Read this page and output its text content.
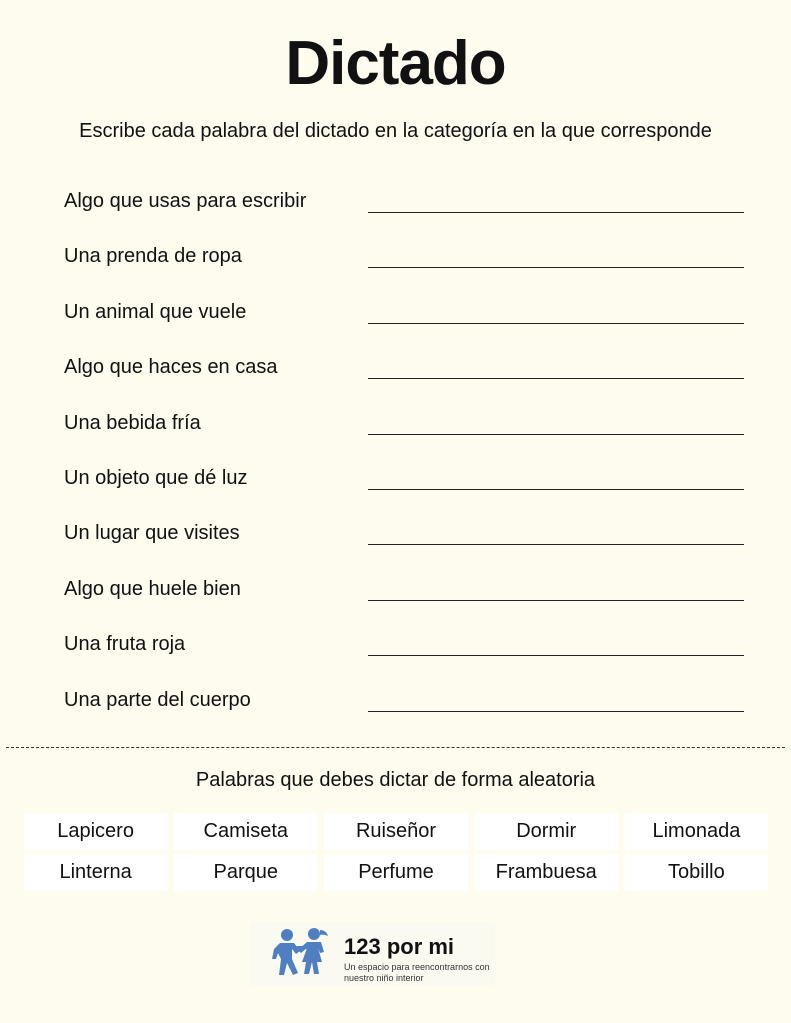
Dictado
Escribe cada palabra del dictado en la categoría en la que corresponde
Algo que usas para escribir
Una prenda de ropa
Un animal que vuele
Algo que haces en casa
Una bebida fría
Un objeto que dé luz
Un lugar que visites
Algo que huele bien
Una fruta roja
Una parte del cuerpo
Palabras que debes dictar de forma aleatoria
Lapicero	Camiseta	Ruiseñor	Dormir	Limonada
Linterna	Parque	Perfume	Frambuesa	Tobillo
123 por mi
Un espacio para reencontrarnos con nuestro niño interior
